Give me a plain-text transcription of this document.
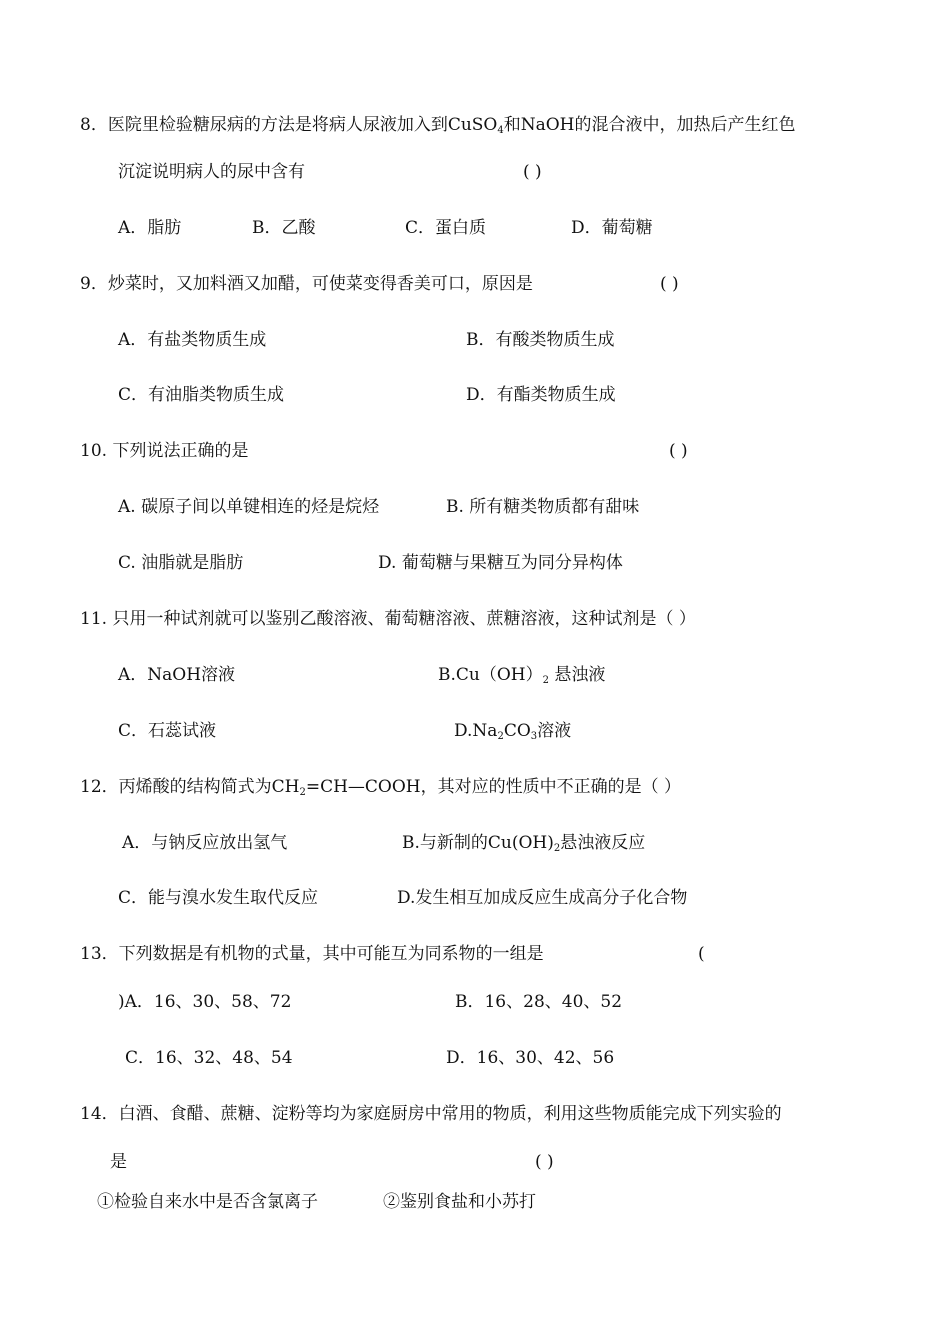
8．医院里检验糖尿病的方法是将病人尿液加入到CuSO$_4$和NaOH的混合液中，加热后产生红色
沉淀说明病人的尿中含有	( )
A．脂肪	B．乙酸	C．蛋白质	D．葡萄糖
9．炒菜时，又加料酒又加醋，可使菜变得香美可口，原因是	( )
A．有盐类物质生成	B．有酸类物质生成
C．有油脂类物质生成	D．有酯类物质生成
10. 下列说法正确的是	( )
A. 碳原子间以单键相连的烃是烷烃	B. 所有糖类物质都有甜味
C. 油脂就是脂肪	D. 葡萄糖与果糖互为同分异构体
11. 只用一种试剂就可以鉴别乙酸溶液、葡萄糖溶液、蔗糖溶液，这种试剂是（ ）
A．NaOH溶液	$B.Cu(OH)_2$ 悬浊液
C．石蕊试液	$D.Na_2CO_3$溶液
12．丙烯酸的结构简式为$CH_2=CH—COOH$，其对应的性质中不正确的是（ ）
A．与钠反应放出氢气	B.与新制的$Cu(OH)_2$悬浊液反应
C．能与溴水发生取代反应	D.发生相互加成反应生成高分子化合物
13．下列数据是有机物的式量，其中可能互为同系物的一组是	(
)A．16、30、58、72	B．16、28、40、52
C．16、32、48、54	D．16、30、42、56
14．白酒、食醋、蔗糖、淀粉等均为家庭厨房中常用的物质，利用这些物质能完成下列实验的
是	( )
①检验自来水中是否含氯离子	②鉴别食盐和小苏打
